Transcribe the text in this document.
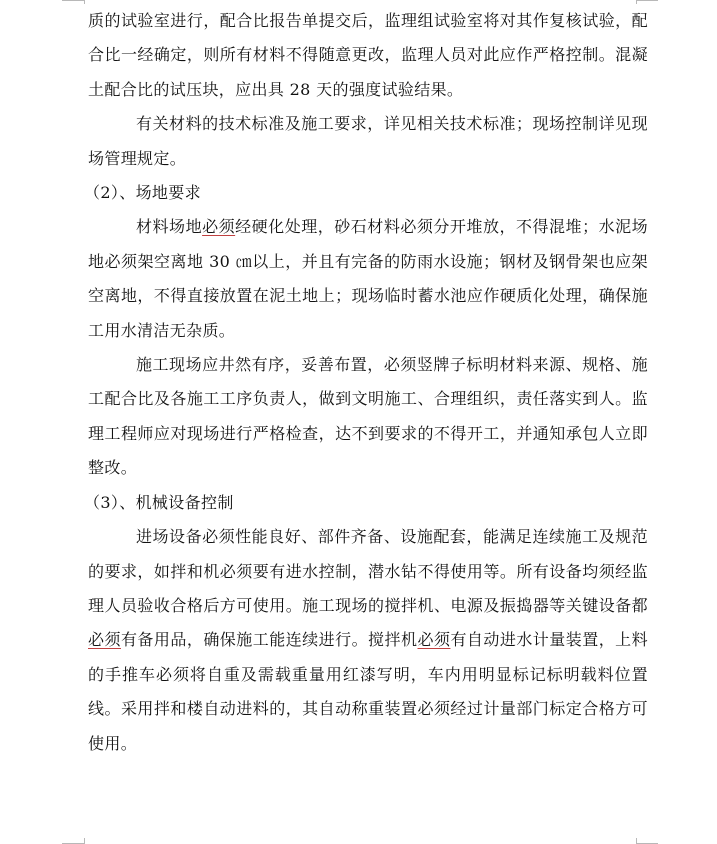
质的试验室进行，配合比报告单提交后，监理组试验室将对其作复核试验，配合比一经确定，则所有材料不得随意更改，监理人员对此应作严格控制。混凝土配合比的试压块，应出具 28 天的强度试验结果。

有关材料的技术标准及施工要求，详见相关技术标准；现场控制详见现场管理规定。

（2）、场地要求

材料场地必须经硬化处理，砂石材料必须分开堆放，不得混堆；水泥场地必须架空离地 30 ㎝以上，并且有完备的防雨水设施；钢材及钢骨架也应架空离地，不得直接放置在泥土地上；现场临时蓄水池应作硬质化处理，确保施工用水清洁无杂质。

施工现场应井然有序，妥善布置，必须竖牌子标明材料来源、规格、施工配合比及各施工工序负责人，做到文明施工、合理组织，责任落实到人。监理工程师应对现场进行严格检查，达不到要求的不得开工，并通知承包人立即整改。

（3）、机械设备控制

进场设备必须性能良好、部件齐备、设施配套，能满足连续施工及规范的要求，如拌和机必须要有进水控制，潜水钻不得使用等。所有设备均须经监理人员验收合格后方可使用。施工现场的搅拌机、电源及振捣器等关键设备都必须有备用品，确保施工能连续进行。搅拌机必须有自动进水计量装置，上料的手推车必须将自重及需载重量用红漆写明，车内用明显标记标明载料位置线。采用拌和楼自动进料的，其自动称重装置必须经过计量部门标定合格方可使用。
